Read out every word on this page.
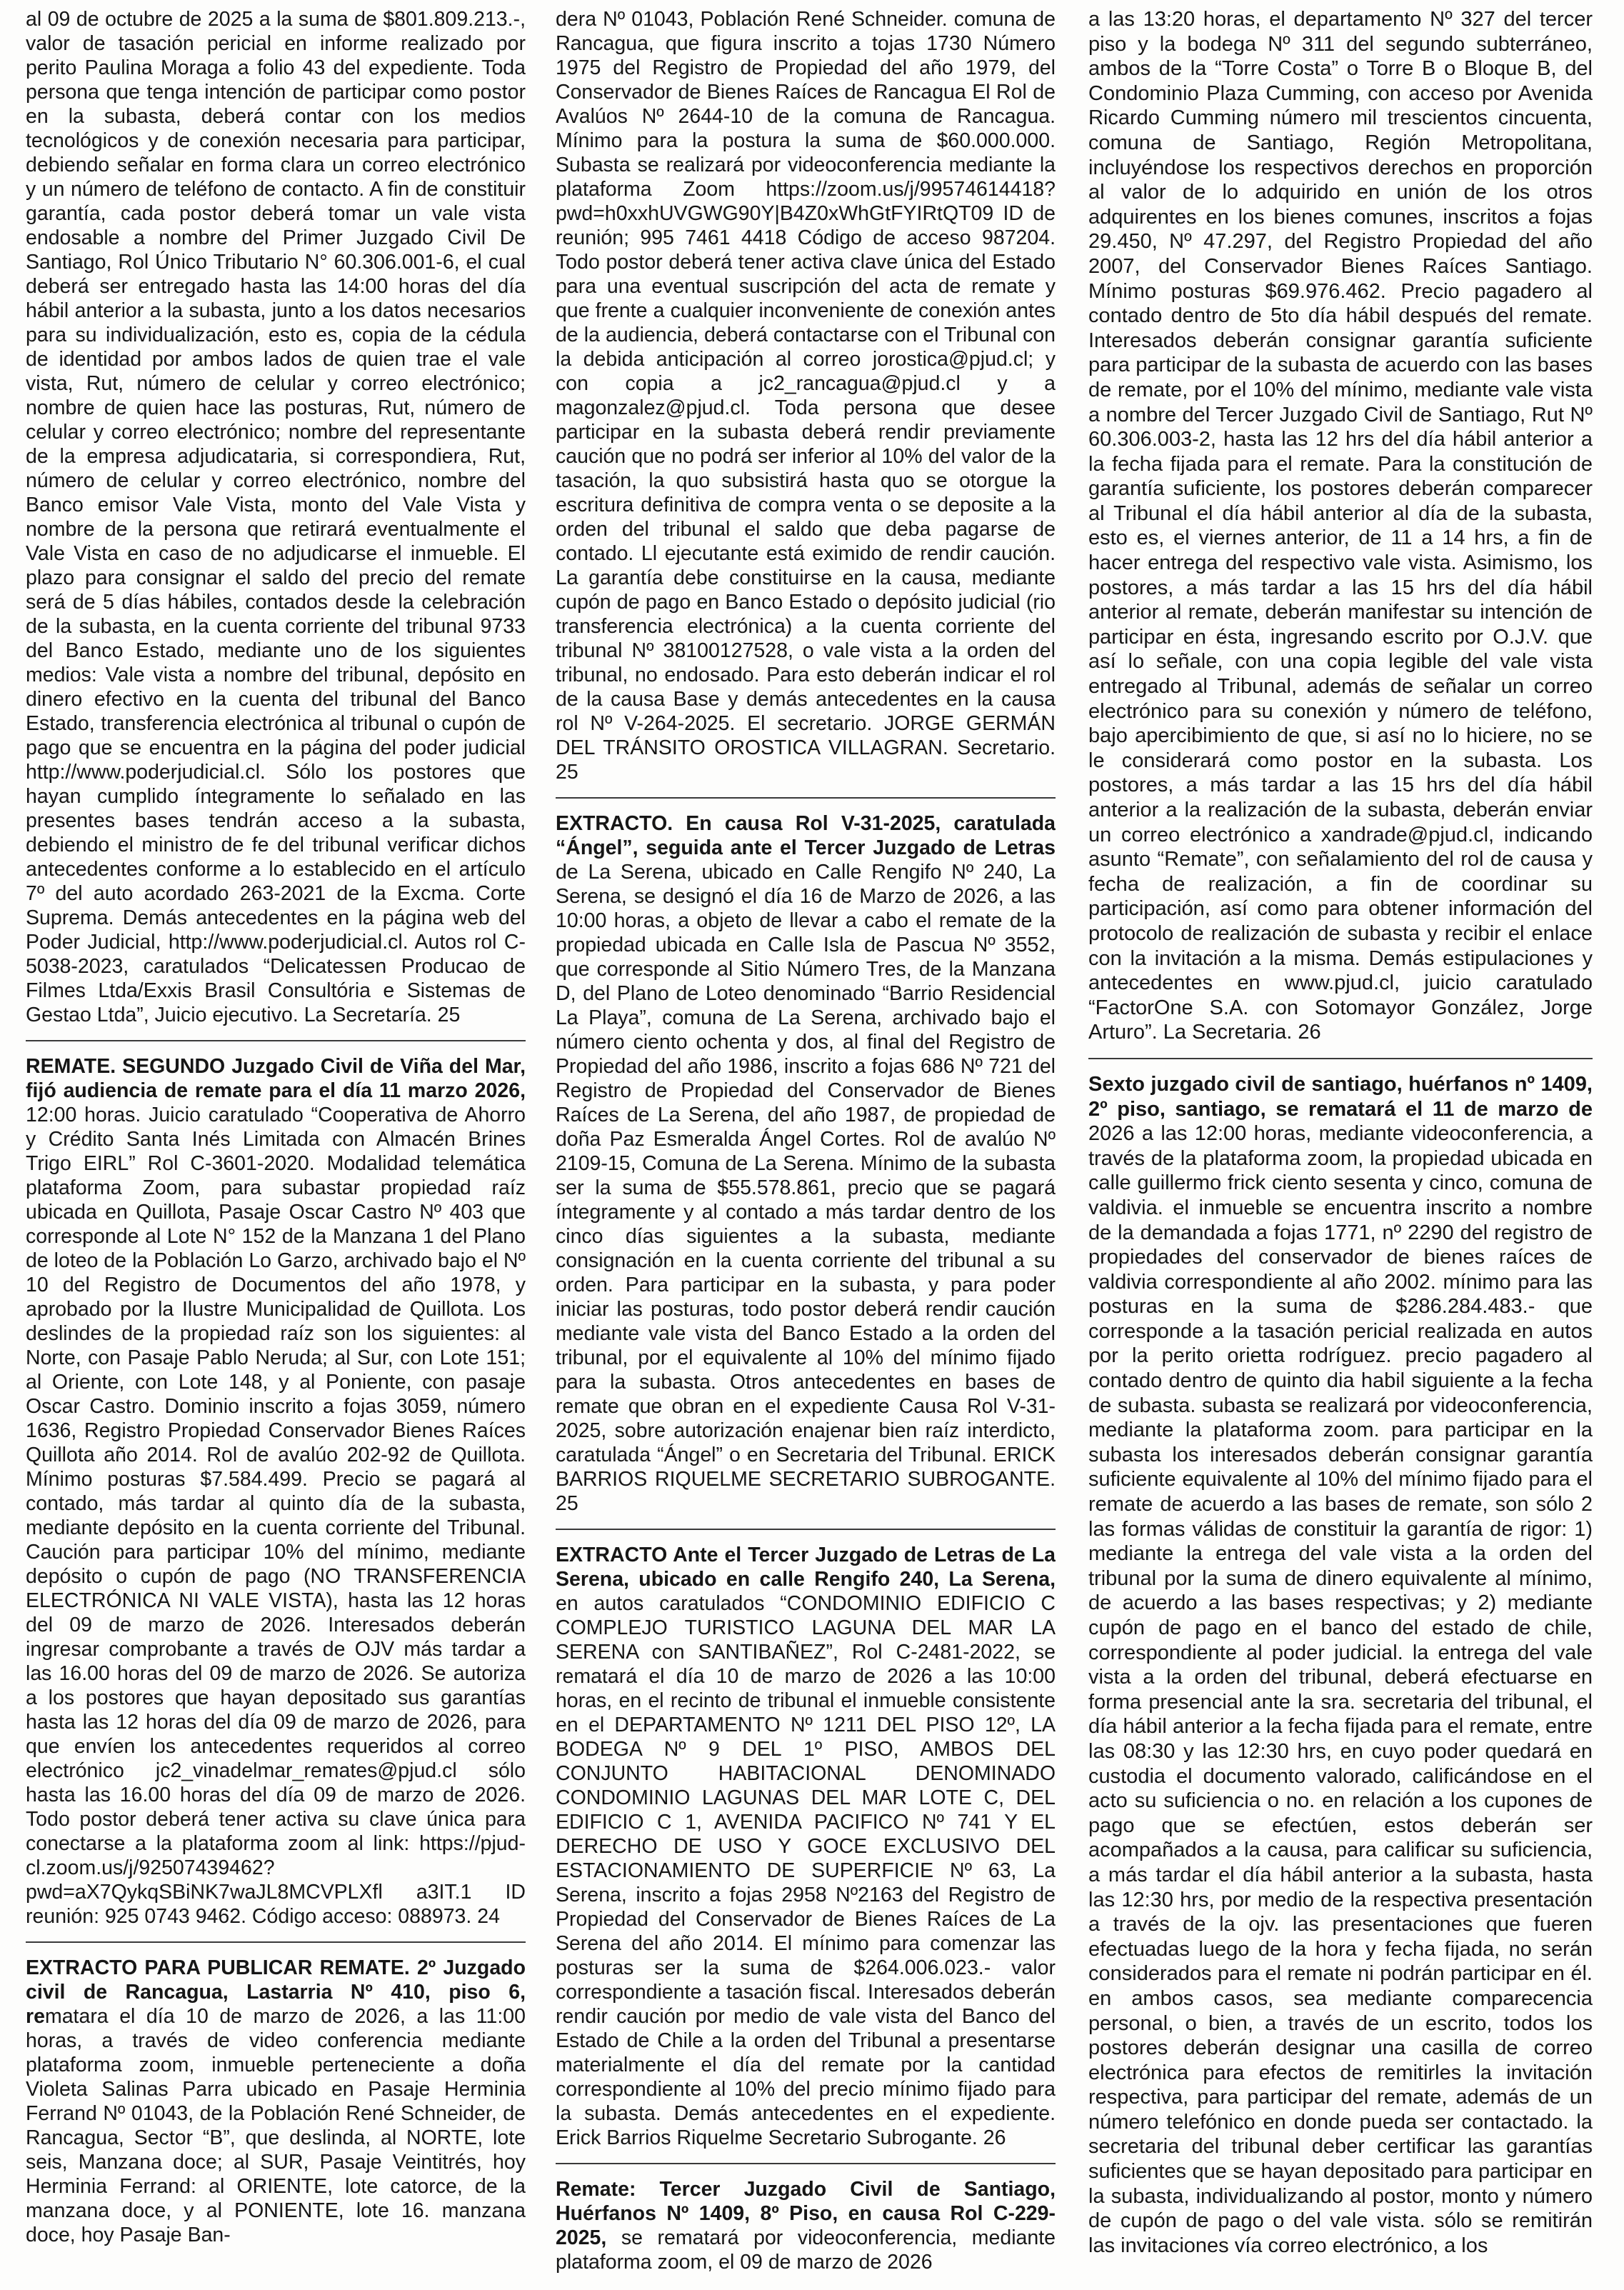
al 09 de octubre de 2025 a la suma de $801.809.213.-, valor de tasación pericial en informe realizado por perito Paulina Moraga a folio 43 del expediente. Toda persona que tenga intención de participar como postor en la subasta, deberá contar con los medios tecnológicos y de conexión necesaria para participar, debiendo señalar en forma clara un correo electrónico y un número de teléfono de contacto. A fin de constituir garantía, cada postor deberá tomar un vale vista endosable a nombre del Primer Juzgado Civil De Santiago, Rol Único Tributario N° 60.306.001-6, el cual deberá ser entregado hasta las 14:00 horas del día hábil anterior a la subasta, junto a los datos necesarios para su individualización, esto es, copia de la cédula de identidad por ambos lados de quien trae el vale vista, Rut, número de celular y correo electrónico; nombre de quien hace las posturas, Rut, número de celular y correo electrónico; nombre del representante de la empresa adjudicataria, si correspondiera, Rut, número de celular y correo electrónico, nombre del Banco emisor Vale Vista, monto del Vale Vista y nombre de la persona que retirará eventualmente el Vale Vista en caso de no adjudicarse el inmueble. El plazo para consignar el saldo del precio del remate será de 5 días hábiles, contados desde la celebración de la subasta, en la cuenta corriente del tribunal 9733 del Banco Estado, mediante uno de los siguientes medios: Vale vista a nombre del tribunal, depósito en dinero efectivo en la cuenta del tribunal del Banco Estado, transferencia electrónica al tribunal o cupón de pago que se encuentra en la página del poder judicial http://www.poderjudicial.cl. Sólo los postores que hayan cumplido íntegramente lo señalado en las presentes bases tendrán acceso a la subasta, debiendo el ministro de fe del tribunal verificar dichos antecedentes conforme a lo establecido en el artículo 7º del auto acordado 263-2021 de la Excma. Corte Suprema. Demás antecedentes en la página web del Poder Judicial, http://www.poderjudicial.cl. Autos rol C-5038-2023, caratulados “Delicatessen Producao de Filmes Ltda/Exxis Brasil Consultória e Sistemas de Gestao Ltda”, Juicio ejecutivo. La Secretaría. 25

REMATE. SEGUNDO Juzgado Civil de Viña del Mar, fijó audiencia de remate para el día 11 marzo 2026, 12:00 horas. Juicio caratulado “Cooperativa de Ahorro y Crédito Santa Inés Limitada con Almacén Brines Trigo EIRL” Rol C-3601-2020. Modalidad telemática plataforma Zoom, para subastar propiedad raíz ubicada en Quillota, Pasaje Oscar Castro Nº 403 que corresponde al Lote N° 152 de la Manzana 1 del Plano de loteo de la Población Lo Garzo, archivado bajo el Nº 10 del Registro de Documentos del año 1978, y aprobado por la Ilustre Municipalidad de Quillota. Los deslindes de la propiedad raíz son los siguientes: al Norte, con Pasaje Pablo Neruda; al Sur, con Lote 151; al Oriente, con Lote 148, y al Poniente, con pasaje Oscar Castro. Dominio inscrito a fojas 3059, número 1636, Registro Propiedad Conservador Bienes Raíces Quillota año 2014. Rol de avalúo 202-92 de Quillota. Mínimo posturas $7.584.499. Precio se pagará al contado, más tardar al quinto día de la subasta, mediante depósito en la cuenta corriente del Tribunal. Caución para participar 10% del mínimo, mediante depósito o cupón de pago (NO TRANSFERENCIA ELECTRÓNICA NI VALE VISTA), hasta las 12 horas del 09 de marzo de 2026. Interesados deberán ingresar comprobante a través de OJV más tardar a las 16.00 horas del 09 de marzo de 2026. Se autoriza a los postores que hayan depositado sus garantías hasta las 12 horas del día 09 de marzo de 2026, para que envíen los antecedentes requeridos al correo electrónico jc2_vinadelmar_remates@pjud.cl sólo hasta las 16.00 horas del día 09 de marzo de 2026. Todo postor deberá tener activa su clave única para conectarse a la plataforma zoom al link: https://pjud- cl.zoom.us/j/92507439462?pwd=aX7QykqSBiNK7waJL8MCVPLXfl a3IT.1 ID reunión: 925 0743 9462. Código acceso: 088973. 24

EXTRACTO PARA PUBLICAR REMATE. 2º Juzgado civil de Rancagua, Lastarria Nº 410, piso 6, rematara el día 10 de marzo de 2026, a las 11:00 horas, a través de video conferencia mediante plataforma zoom, inmueble perteneciente a doña Violeta Salinas Parra ubicado en Pasaje Herminia Ferrand Nº 01043, de la Población René Schneider, de Rancagua, Sector “B”, que deslinda, al NORTE, lote seis, Manzana doce; al SUR, Pasaje Veintitrés, hoy Herminia Ferrand: al ORIENTE, lote catorce, de la manzana doce, y al PONIENTE, lote 16. manzana doce, hoy Pasaje Ban-

dera Nº 01043, Población René Schneider. comuna de Rancagua, que figura inscrito a tojas 1730 Número 1975 del Registro de Propiedad del año 1979, del Conservador de Bienes Raíces de Rancagua El Rol de Avalúos Nº 2644-10 de la comuna de Rancagua. Mínimo para la postura la suma de $60.000.000. Subasta se realizará por videoconferencia mediante la plataforma Zoom https://zoom.us/j/99574614418?pwd=h0xxhUVGWG90Y|B4Z0xWhGtFYIRtQT09 ID de reunión; 995 7461 4418 Código de acceso 987204. Todo postor deberá tener activa clave única del Estado para una eventual suscripción del acta de remate y que frente a cualquier inconveniente de conexión antes de la audiencia, deberá contactarse con el Tribunal con la debida anticipación al correo jorostica@pjud.cl; y con copia a jc2_rancagua@pjud.cl y a magonzalez@pjud.cl. Toda persona que desee participar en la subasta deberá rendir previamente caución que no podrá ser inferior al 10% del valor de la tasación, la quo subsistirá hasta quo se otorgue la escritura definitiva de compra venta o se deposite a la orden del tribunal el saldo que deba pagarse de contado. Ll ejecutante está eximido de rendir caución. La garantía debe constituirse en la causa, mediante cupón de pago en Banco Estado o depósito judicial (rio transferencia electrónica) a la cuenta corriente del tribunal Nº 38100127528, o vale vista a la orden del tribunal, no endosado. Para esto deberán indicar el rol de la causa Base y demás antecedentes en la causa rol Nº V-264-2025. El secretario. JORGE GERMÁN DEL TRÁNSITO OROSTICA VILLAGRAN. Secretario. 25

EXTRACTO. En causa Rol V-31-2025, caratulada “Ángel”, seguida ante el Tercer Juzgado de Letras de La Serena, ubicado en Calle Rengifo Nº 240, La Serena, se designó el día 16 de Marzo de 2026, a las 10:00 horas, a objeto de llevar a cabo el remate de la propiedad ubicada en Calle Isla de Pascua Nº 3552, que corresponde al Sitio Número Tres, de la Manzana D, del Plano de Loteo denominado “Barrio Residencial La Playa”, comuna de La Serena, archivado bajo el número ciento ochenta y dos, al final del Registro de Propiedad del año 1986, inscrito a fojas 686 Nº 721 del Registro de Propiedad del Conservador de Bienes Raíces de La Serena, del año 1987, de propiedad de doña Paz Esmeralda Ángel Cortes. Rol de avalúo Nº 2109-15, Comuna de La Serena. Mínimo de la subasta ser la suma de $55.578.861, precio que se pagará íntegramente y al contado a más tardar dentro de los cinco días siguientes a la subasta, mediante consignación en la cuenta corriente del tribunal a su orden. Para participar en la subasta, y para poder iniciar las posturas, todo postor deberá rendir caución mediante vale vista del Banco Estado a la orden del tribunal, por el equivalente al 10% del mínimo fijado para la subasta. Otros antecedentes en bases de remate que obran en el expediente Causa Rol V-31- 2025, sobre autorización enajenar bien raíz interdicto, caratulada “Ángel” o en Secretaria del Tribunal. ERICK BARRIOS RIQUELME SECRETARIO SUBROGANTE. 25

EXTRACTO Ante el Tercer Juzgado de Letras de La Serena, ubicado en calle Rengifo 240, La Serena, en autos caratulados “CONDOMINIO EDIFICIO C COMPLEJO TURISTICO LAGUNA DEL MAR LA SERENA con SANTIBAÑEZ”, Rol C-2481-2022, se rematará el día 10 de marzo de 2026 a las 10:00 horas, en el recinto de tribunal el inmueble consistente en el DEPARTAMENTO Nº 1211 DEL PISO 12º, LA BODEGA Nº 9 DEL 1º PISO, AMBOS DEL CONJUNTO HABITACIONAL DENOMINADO CONDOMINIO LAGUNAS DEL MAR LOTE C, DEL EDIFICIO C 1, AVENIDA PACIFICO Nº 741 Y EL DERECHO DE USO Y GOCE EXCLUSIVO DEL ESTACIONAMIENTO DE SUPERFICIE Nº 63, La Serena, inscrito a fojas 2958 Nº2163 del Registro de Propiedad del Conservador de Bienes Raíces de La Serena del año 2014. El mínimo para comenzar las posturas ser la suma de $264.006.023.- valor correspondiente a tasación fiscal. Interesados deberán rendir caución por medio de vale vista del Banco del Estado de Chile a la orden del Tribunal a presentarse materialmente el día del remate por la cantidad correspondiente al 10% del precio mínimo fijado para la subasta. Demás antecedentes en el expediente. Erick Barrios Riquelme Secretario Subrogante. 26

Remate: Tercer Juzgado Civil de Santiago, Huérfanos Nº 1409, 8º Piso, en causa Rol C-229-2025, se rematará por videoconferencia, mediante plataforma zoom, el 09 de marzo de 2026

a las 13:20 horas, el departamento Nº 327 del tercer piso y la bodega Nº 311 del segundo subterráneo, ambos de la “Torre Costa” o Torre B o Bloque B, del Condominio Plaza Cumming, con acceso por Avenida Ricardo Cumming número mil trescientos cincuenta, comuna de Santiago, Región Metropolitana, incluyéndose los respectivos derechos en proporción al valor de lo adquirido en unión de los otros adquirentes en los bienes comunes, inscritos a fojas 29.450, Nº 47.297, del Registro Propiedad del año 2007, del Conservador Bienes Raíces Santiago. Mínimo posturas $69.976.462. Precio pagadero al contado dentro de 5to día hábil después del remate. Interesados deberán consignar garantía suficiente para participar de la subasta de acuerdo con las bases de remate, por el 10% del mínimo, mediante vale vista a nombre del Tercer Juzgado Civil de Santiago, Rut Nº 60.306.003-2, hasta las 12 hrs del día hábil anterior a la fecha fijada para el remate. Para la constitución de garantía suficiente, los postores deberán comparecer al Tribunal el día hábil anterior al día de la subasta, esto es, el viernes anterior, de 11 a 14 hrs, a fin de hacer entrega del respectivo vale vista. Asimismo, los postores, a más tardar a las 15 hrs del día hábil anterior al remate, deberán manifestar su intención de participar en ésta, ingresando escrito por O.J.V. que así lo señale, con una copia legible del vale vista entregado al Tribunal, además de señalar un correo electrónico para su conexión y número de teléfono, bajo apercibimiento de que, si así no lo hiciere, no se le considerará como postor en la subasta. Los postores, a más tardar a las 15 hrs del día hábil anterior a la realización de la subasta, deberán enviar un correo electrónico a xandrade@pjud.cl, indicando asunto “Remate”, con señalamiento del rol de causa y fecha de realización, a fin de coordinar su participación, así como para obtener información del protocolo de realización de subasta y recibir el enlace con la invitación a la misma. Demás estipulaciones y antecedentes en www.pjud.cl, juicio caratulado “FactorOne S.A. con Sotomayor González, Jorge Arturo”. La Secretaria. 26

Sexto juzgado civil de santiago, huérfanos nº 1409, 2º piso, santiago, se rematará el 11 de marzo de 2026 a las 12:00 horas, mediante videoconferencia, a través de la plataforma zoom, la propiedad ubicada en calle guillermo frick ciento sesenta y cinco, comuna de valdivia. el inmueble se encuentra inscrito a nombre de la demandada a fojas 1771, nº 2290 del registro de propiedades del conservador de bienes raíces de valdivia correspondiente al año 2002. mínimo para las posturas en la suma de $286.284.483.- que corresponde a la tasación pericial realizada en autos por la perito orietta rodríguez. precio pagadero al contado dentro de quinto dia habil siguiente a la fecha de subasta. subasta se realizará por videoconferencia, mediante la plataforma zoom. para participar en la subasta los interesados deberán consignar garantía suficiente equivalente al 10% del mínimo fijado para el remate de acuerdo a las bases de remate, son sólo 2 las formas válidas de constituir la garantía de rigor: 1) mediante la entrega del vale vista a la orden del tribunal por la suma de dinero equivalente al mínimo, de acuerdo a las bases respectivas; y 2) mediante cupón de pago en el banco del estado de chile, correspondiente al poder judicial. la entrega del vale vista a la orden del tribunal, deberá efectuarse en forma presencial ante la sra. secretaria del tribunal, el día hábil anterior a la fecha fijada para el remate, entre las 08:30 y las 12:30 hrs, en cuyo poder quedará en custodia el documento valorado, calificándose en el acto su suficiencia o no. en relación a los cupones de pago que se efectúen, estos deberán ser acompañados a la causa, para calificar su suficiencia, a más tardar el día hábil anterior a la subasta, hasta las 12:30 hrs, por medio de la respectiva presentación a través de la ojv. las presentaciones que fueren efectuadas luego de la hora y fecha fijada, no serán considerados para el remate ni podrán participar en él. en ambos casos, sea mediante comparecencia personal, o bien, a través de un escrito, todos los postores deberán designar una casilla de correo electrónica para efectos de remitirles la invitación respectiva, para participar del remate, además de un número telefónico en donde pueda ser contactado. la secretaria del tribunal deber certificar las garantías suficientes que se hayan depositado para participar en la subasta, individualizando al postor, monto y número de cupón de pago o del vale vista. sólo se remitirán las invitaciones vía correo electrónico, a los
